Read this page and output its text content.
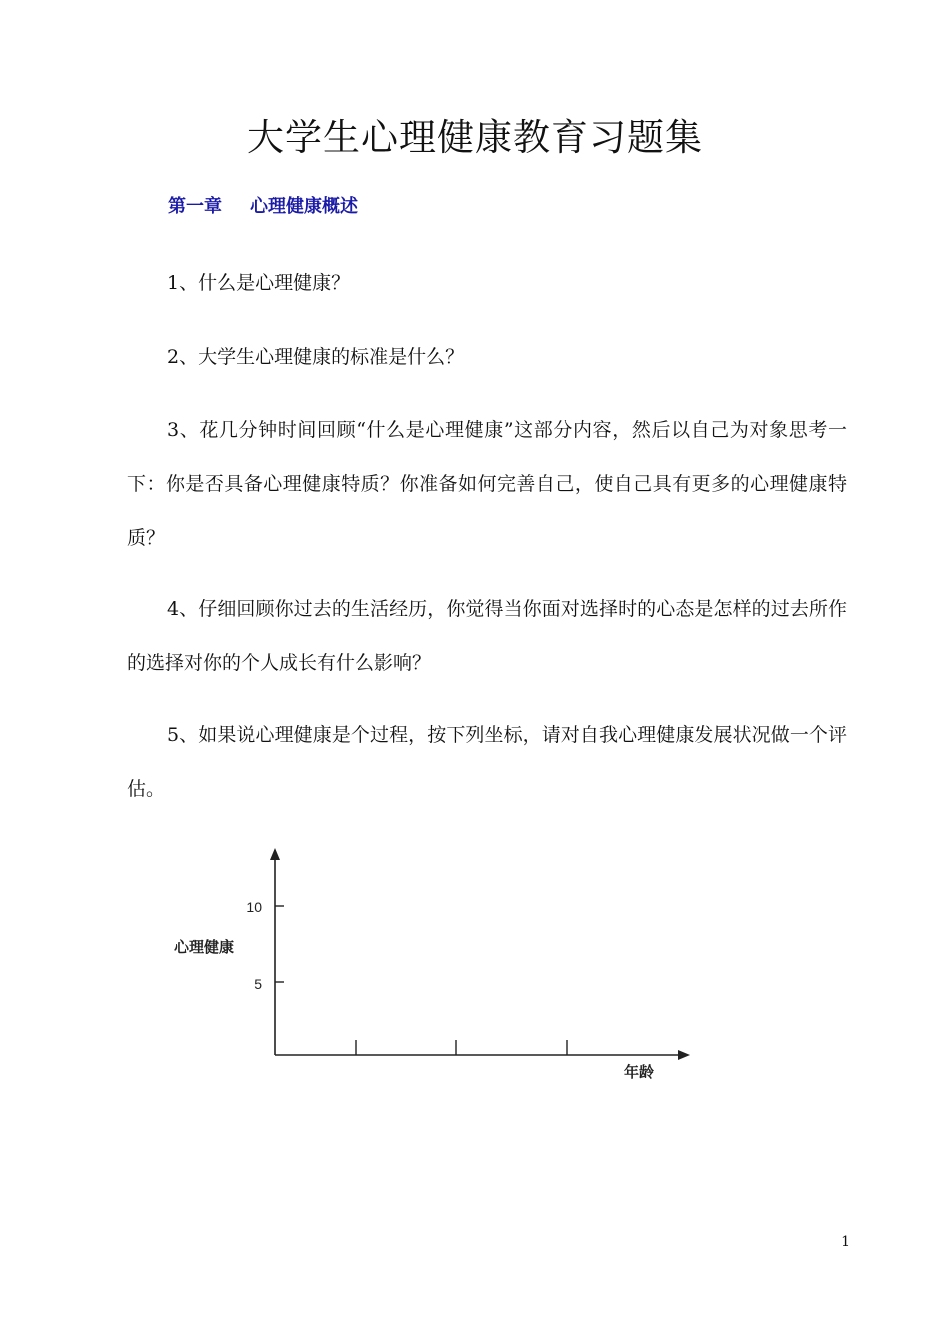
大学生心理健康教育习题集
第一章 心理健康概述

1、什么是心理健康？

2、大学生心理健康的标准是什么？

3、花几分钟时间回顾“什么是心理健康”这部分内容，然后以自己为对象思考一下：你是否具备心理健康特质？你准备如何完善自己，使自己具有更多的心理健康特质？

4、仔细回顾你过去的生活经历，你觉得当你面对选择时的心态是怎样的过去所作的选择对你的个人成长有什么影响？

5、如果说心理健康是个过程，按下列坐标，请对自我心理健康发展状况做一个评估。

10
5
心理健康
年龄
1
